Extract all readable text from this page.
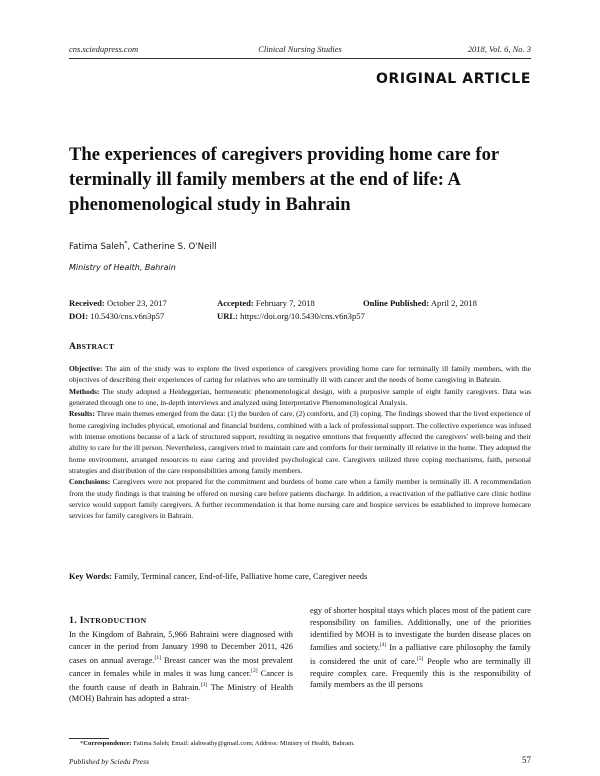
cns.sciedupress.com	Clinical Nursing Studies	2018, Vol. 6, No. 3
ORIGINAL ARTICLE
The experiences of caregivers providing home care for terminally ill family members at the end of life: A phenomenological study in Bahrain
Fatima Saleh*, Catherine S. O'Neill
Ministry of Health, Bahrain
Received: October 23, 2017	Accepted: February 7, 2018	Online Published: April 2, 2018
DOI: 10.5430/cns.v6n3p57	URL: https://doi.org/10.5430/cns.v6n3p57
ABSTRACT

Objective: The aim of the study was to explore the lived experience of caregivers providing home care for terminally ill family members, with the objectives of describing their experiences of caring for relatives who are terminally ill with cancer and the needs of home caregiving in Bahrain.

Methods: The study adopted a Heideggerian, hermeneutic phenomenological design, with a purposive sample of eight family caregivers. Data was generated through one to one, in-depth interviews and analyzed using Interpretative Phenomenological Analysis.

Results: Three main themes emerged from the data: (1) the burden of care, (2) comforts, and (3) coping. The findings showed that the lived experience of home caregiving includes physical, emotional and financial burdens, combined with a lack of professional support. The collective experience was infused with intense emotions because of a lack of structured support, resulting in negative emotions that frequently affected the caregivers' well-being and their ability to care for the ill person. Nevertheless, caregivers tried to maintain care and comforts for their terminally ill relative in the home. They adopted the home environment, arranged resources to ease caring and provided psychological care. Caregivers utilized three coping mechanisms, faith, personal strategies and distribution of the care responsibilities among family members.

Conclusions: Caregivers were not prepared for the commitment and burdens of home care when a family member is terminally ill. A recommendation from the study findings is that training be offered on nursing care before patients discharge. In addition, a reactivation of the palliative care clinic hotline service would support family caregivers. A further recommendation is that home nursing care and hospice services be established to improve homecare services for family caregivers in Bahrain.

Key Words: Family, Terminal cancer, End-of-life, Palliative home care, Caregiver needs
1. INTRODUCTION

In the Kingdom of Bahrain, 5,966 Bahraini were diagnosed with cancer in the period from January 1998 to December 2011, 426 cases on annual average.[1] Breast cancer was the most prevalent cancer in females while in males it was lung cancer.[2] Cancer is the fourth cause of death in Bahrain.[3] The Ministry of Health (MOH) Bahrain has adopted a strat-

egy of shorter hospital stays which places most of the patient care responsibility on families. Additionally, one of the priorities identified by MOH is to investigate the burden disease places on families and society.[4] In a palliative care philosophy the family is considered the unit of care.[5] People who are terminally ill require complex care. Frequently this is the responsibility of family members as the ill persons

*Correspondence: Fatima Saleh; Email: alahwathy@gmail.com; Address: Ministry of Health, Bahrain.
Published by Sciedu Press	57
